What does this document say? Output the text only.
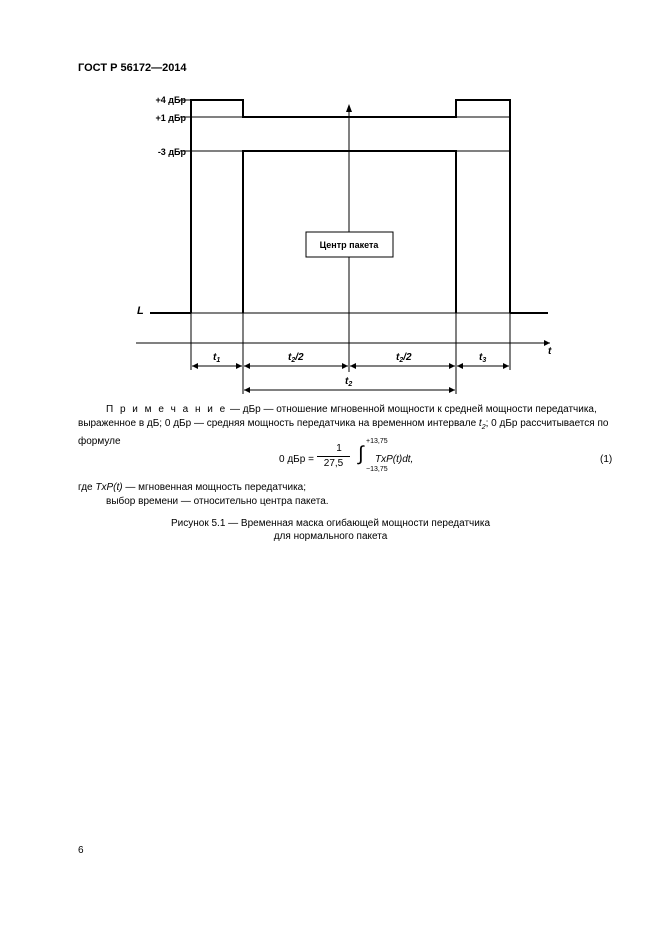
ГОСТ Р 56172—2014
+4 дБр
+1 дБр
-3 дБр
L
t
Центр пакета
$t_1$	$t_2/2$	$t_2/2$	$t_3$
$t_2$
П р и м е ч а н и е — дБр — отношение мгновенной мощности к средней мощности передатчика, выраженное в дБ; 0 дБр — средняя мощность передатчика на временном интервале $t_2$; 0 дБр рассчитывается по формуле
0 дБр =
1
27,5
+13,75
∫
−13,75
TxP(t)dt,	(1)
где TxP(t) — мгновенная мощность передатчика;
выбор времени — относительно центра пакета.
Рисунок 5.1 — Временная маска огибающей мощности передатчика
для нормального пакета
6
